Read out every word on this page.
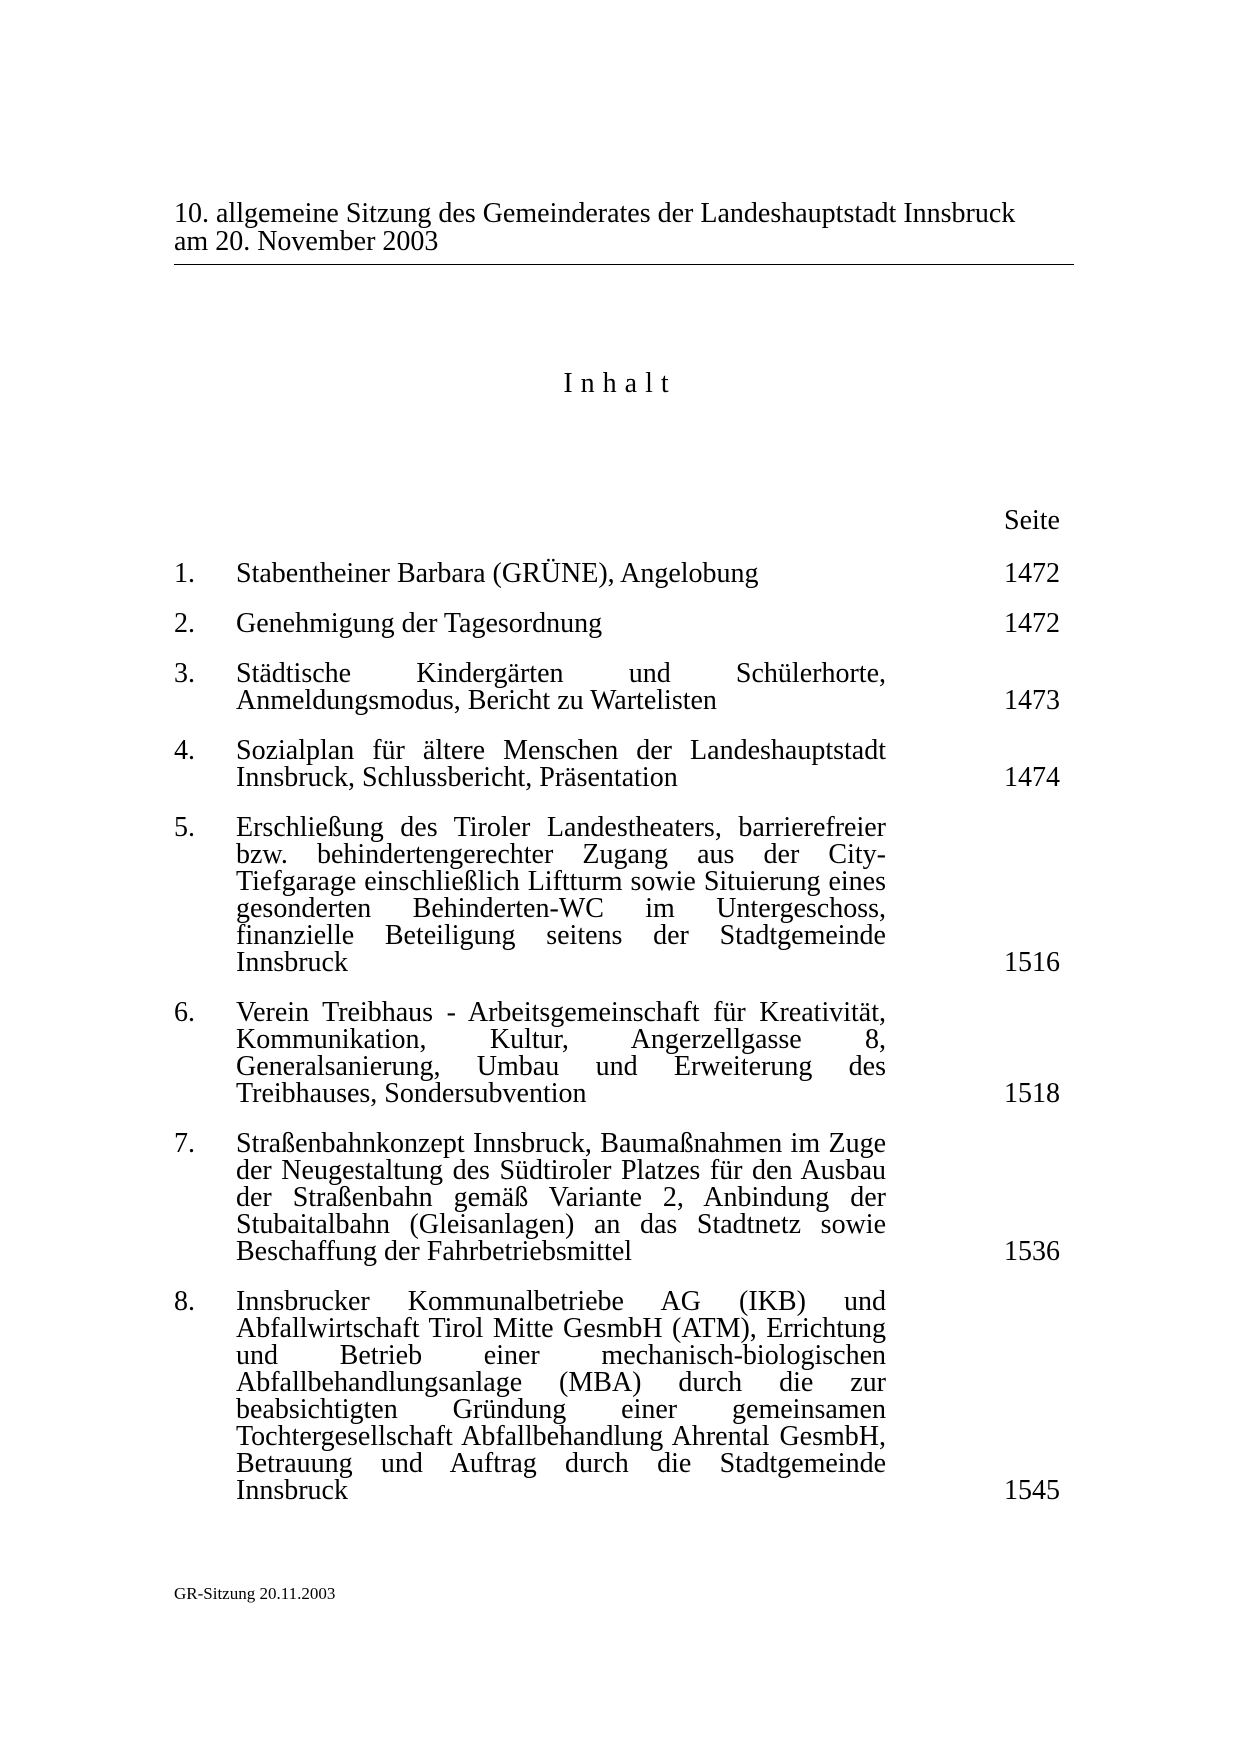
10. allgemeine Sitzung des Gemeinderates der Landeshauptstadt Innsbruck
am 20. November 2003
Inhalt
Seite
1.	Stabentheiner Barbara (GRÜNE), Angelobung	1472
2.	Genehmigung der Tagesordnung	1472
3.	Städtische Kindergärten und Schülerhorte, Anmeldungsmodus, Bericht zu Wartelisten	1473
4.	Sozialplan für ältere Menschen der Landeshauptstadt Innsbruck, Schlussbericht, Präsentation	1474
5.	Erschließung des Tiroler Landestheaters, barrierefreier bzw. behindertengerechter Zugang aus der City-Tiefgarage einschließlich Liftturm sowie Situierung eines gesonderten Behinderten-WC im Untergeschoss, finanzielle Beteiligung seitens der Stadtgemeinde Innsbruck	1516
6.	Verein Treibhaus - Arbeitsgemeinschaft für Kreativität, Kommunikation, Kultur, Angerzellgasse 8, Generalsanierung, Umbau und Erweiterung des Treibhauses, Sondersubvention	1518
7.	Straßenbahnkonzept Innsbruck, Baumaßnahmen im Zuge der Neugestaltung des Südtiroler Platzes für den Ausbau der Straßenbahn gemäß Variante 2, Anbindung der Stubaitalbahn (Gleisanlagen) an das Stadtnetz sowie Beschaffung der Fahrbetriebsmittel	1536
8.	Innsbrucker Kommunalbetriebe AG (IKB) und Abfallwirtschaft Tirol Mitte GesmbH (ATM), Errichtung und Betrieb einer mechanisch-biologischen Abfallbehandlungsanlage (MBA) durch die zur beabsichtigten Gründung einer gemeinsamen Tochtergesellschaft Abfallbehandlung Ahrental GesmbH, Betrauung und Auftrag durch die Stadtgemeinde Innsbruck	1545
GR-Sitzung 20.11.2003
